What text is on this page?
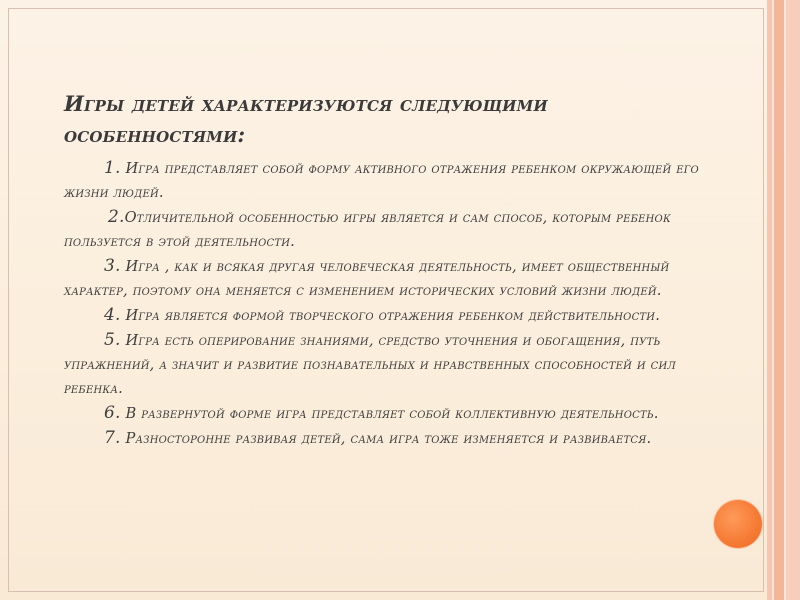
Игры детей характеризуются следующими особенностями:
1. Игра представляет собой форму активного отражения ребенком окружающей его жизни людей.
2.Отличительной особенностью игры является и сам способ, которым ребенок пользуется в этой деятельности.
3. Игра , как и всякая другая человеческая деятельность, имеет общественный характер, поэтому она меняется с изменением исторических условий жизни людей.
4. Игра является формой творческого отражения ребенком действительности.
5. Игра есть оперирование знаниями, средство уточнения и обогащения, путь упражнений, а значит и развитие познавательных и нравственных способностей и сил ребенка.
6. В развернутой форме игра представляет собой коллективную деятельность.
7. Разносторонне развивая детей, сама игра тоже изменяется и развивается.
